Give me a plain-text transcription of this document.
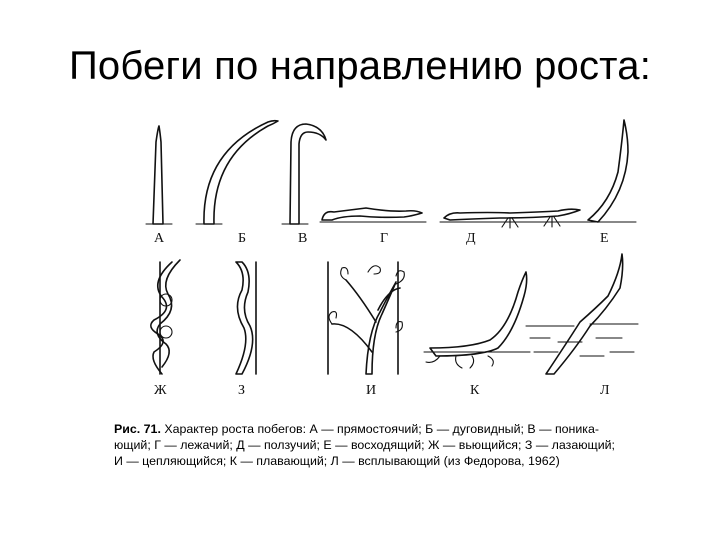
Побеги по направлению роста:
А	Б	В	Г	Д	Е
Ж	З	И	К	Л
Рис. 71. Характер роста побегов: А — прямостоячий; Б — дуговидный; В — поника-
ющий; Г — лежачий; Д — ползучий; Е — восходящий; Ж — вьющийся; З — лазающий;
И — цепляющийся; К — плавающий; Л — всплывающий (из Федорова, 1962)
